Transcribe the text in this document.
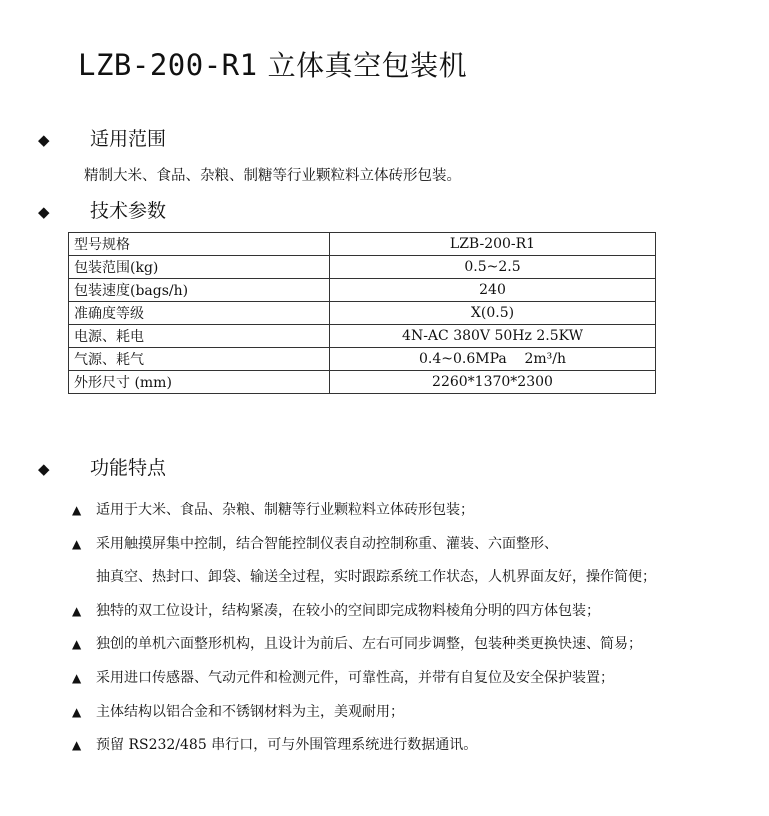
LZB-200-R1 立体真空包装机
◆ 适用范围
精制大米、食品、杂粮、制糖等行业颗粒料立体砖形包装。
◆ 技术参数
型号规格	LZB-200-R1
包装范围(kg)	0.5~2.5
包装速度(bags/h)	240
准确度等级	X(0.5)
电源、耗电	4N-AC 380V 50Hz 2.5KW
气源、耗气	0.4~0.6MPa    2m³/h
外形尺寸 (mm)	2260*1370*2300
◆ 功能特点
▲ 适用于大米、食品、杂粮、制糖等行业颗粒料立体砖形包装；
▲ 采用触摸屏集中控制，结合智能控制仪表自动控制称重、灌装、六面整形、
抽真空、热封口、卸袋、输送全过程，实时跟踪系统工作状态，人机界面友好，操作简便；
▲ 独特的双工位设计，结构紧凑，在较小的空间即完成物料棱角分明的四方体包装；
▲ 独创的单机六面整形机构，且设计为前后、左右可同步调整，包装种类更换快速、简易；
▲ 采用进口传感器、气动元件和检测元件，可靠性高，并带有自复位及安全保护装置；
▲ 主体结构以铝合金和不锈钢材料为主，美观耐用；
▲ 预留 RS232/485 串行口，可与外围管理系统进行数据通讯。
